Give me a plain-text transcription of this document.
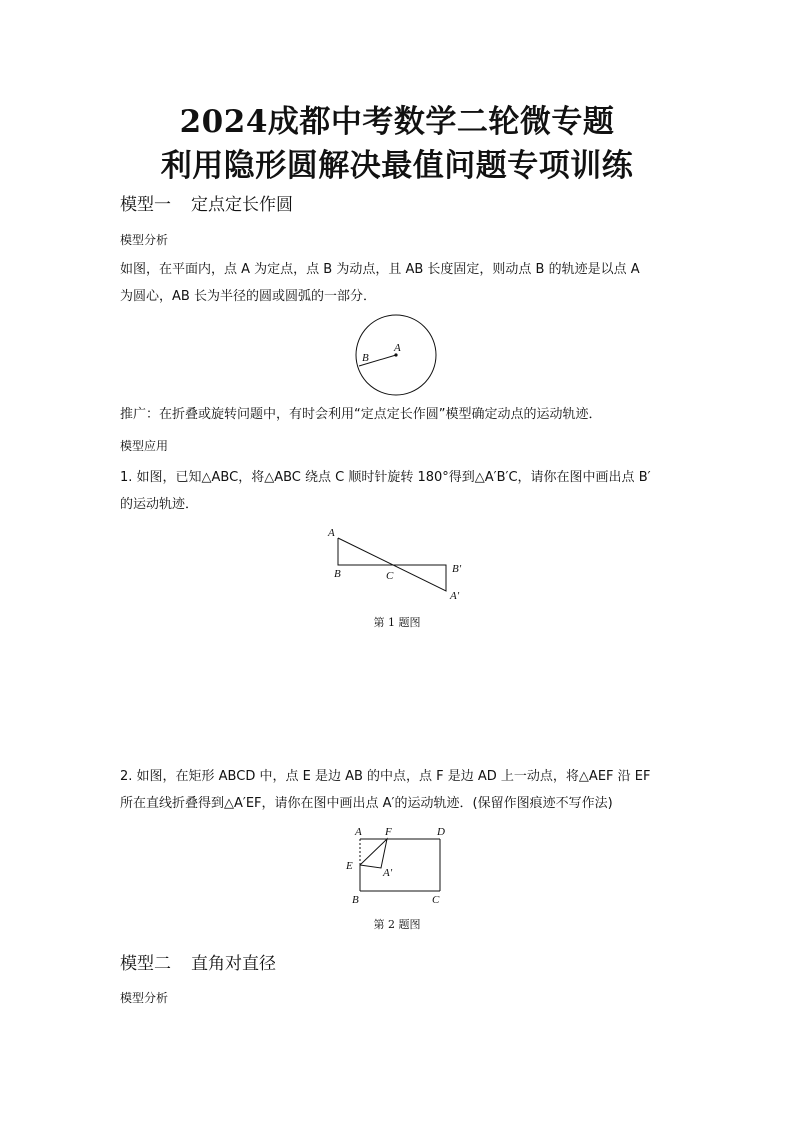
2024成都中考数学二轮微专题
利用隐形圆解决最值问题专项训练
模型一 定点定长作圆
模型分析
如图，在平面内，点 A 为定点，点 B 为动点，且 AB 长度固定，则动点 B 的轨迹是以点 A
为圆心，AB 长为半径的圆或圆弧的一部分．
A
B
推广：在折叠或旋转问题中，有时会利用“定点定长作圆”模型确定动点的运动轨迹．
模型应用
1. 如图，已知△ABC，将△ABC 绕点 C 顺时针旋转 180°得到△A′B′C，请你在图中画出点 B′
的运动轨迹．
A
B	C
B′
A′
第 1 题图
2. 如图，在矩形 ABCD 中，点 E 是边 AB 的中点，点 F 是边 AD 上一动点，将△AEF 沿 EF
所在直线折叠得到△A′EF，请你在图中画出点 A′的运动轨迹．(保留作图痕迹不写作法)
A F	D
E
A′
B	C
第 2 题图
模型二 直角对直径
模型分析
